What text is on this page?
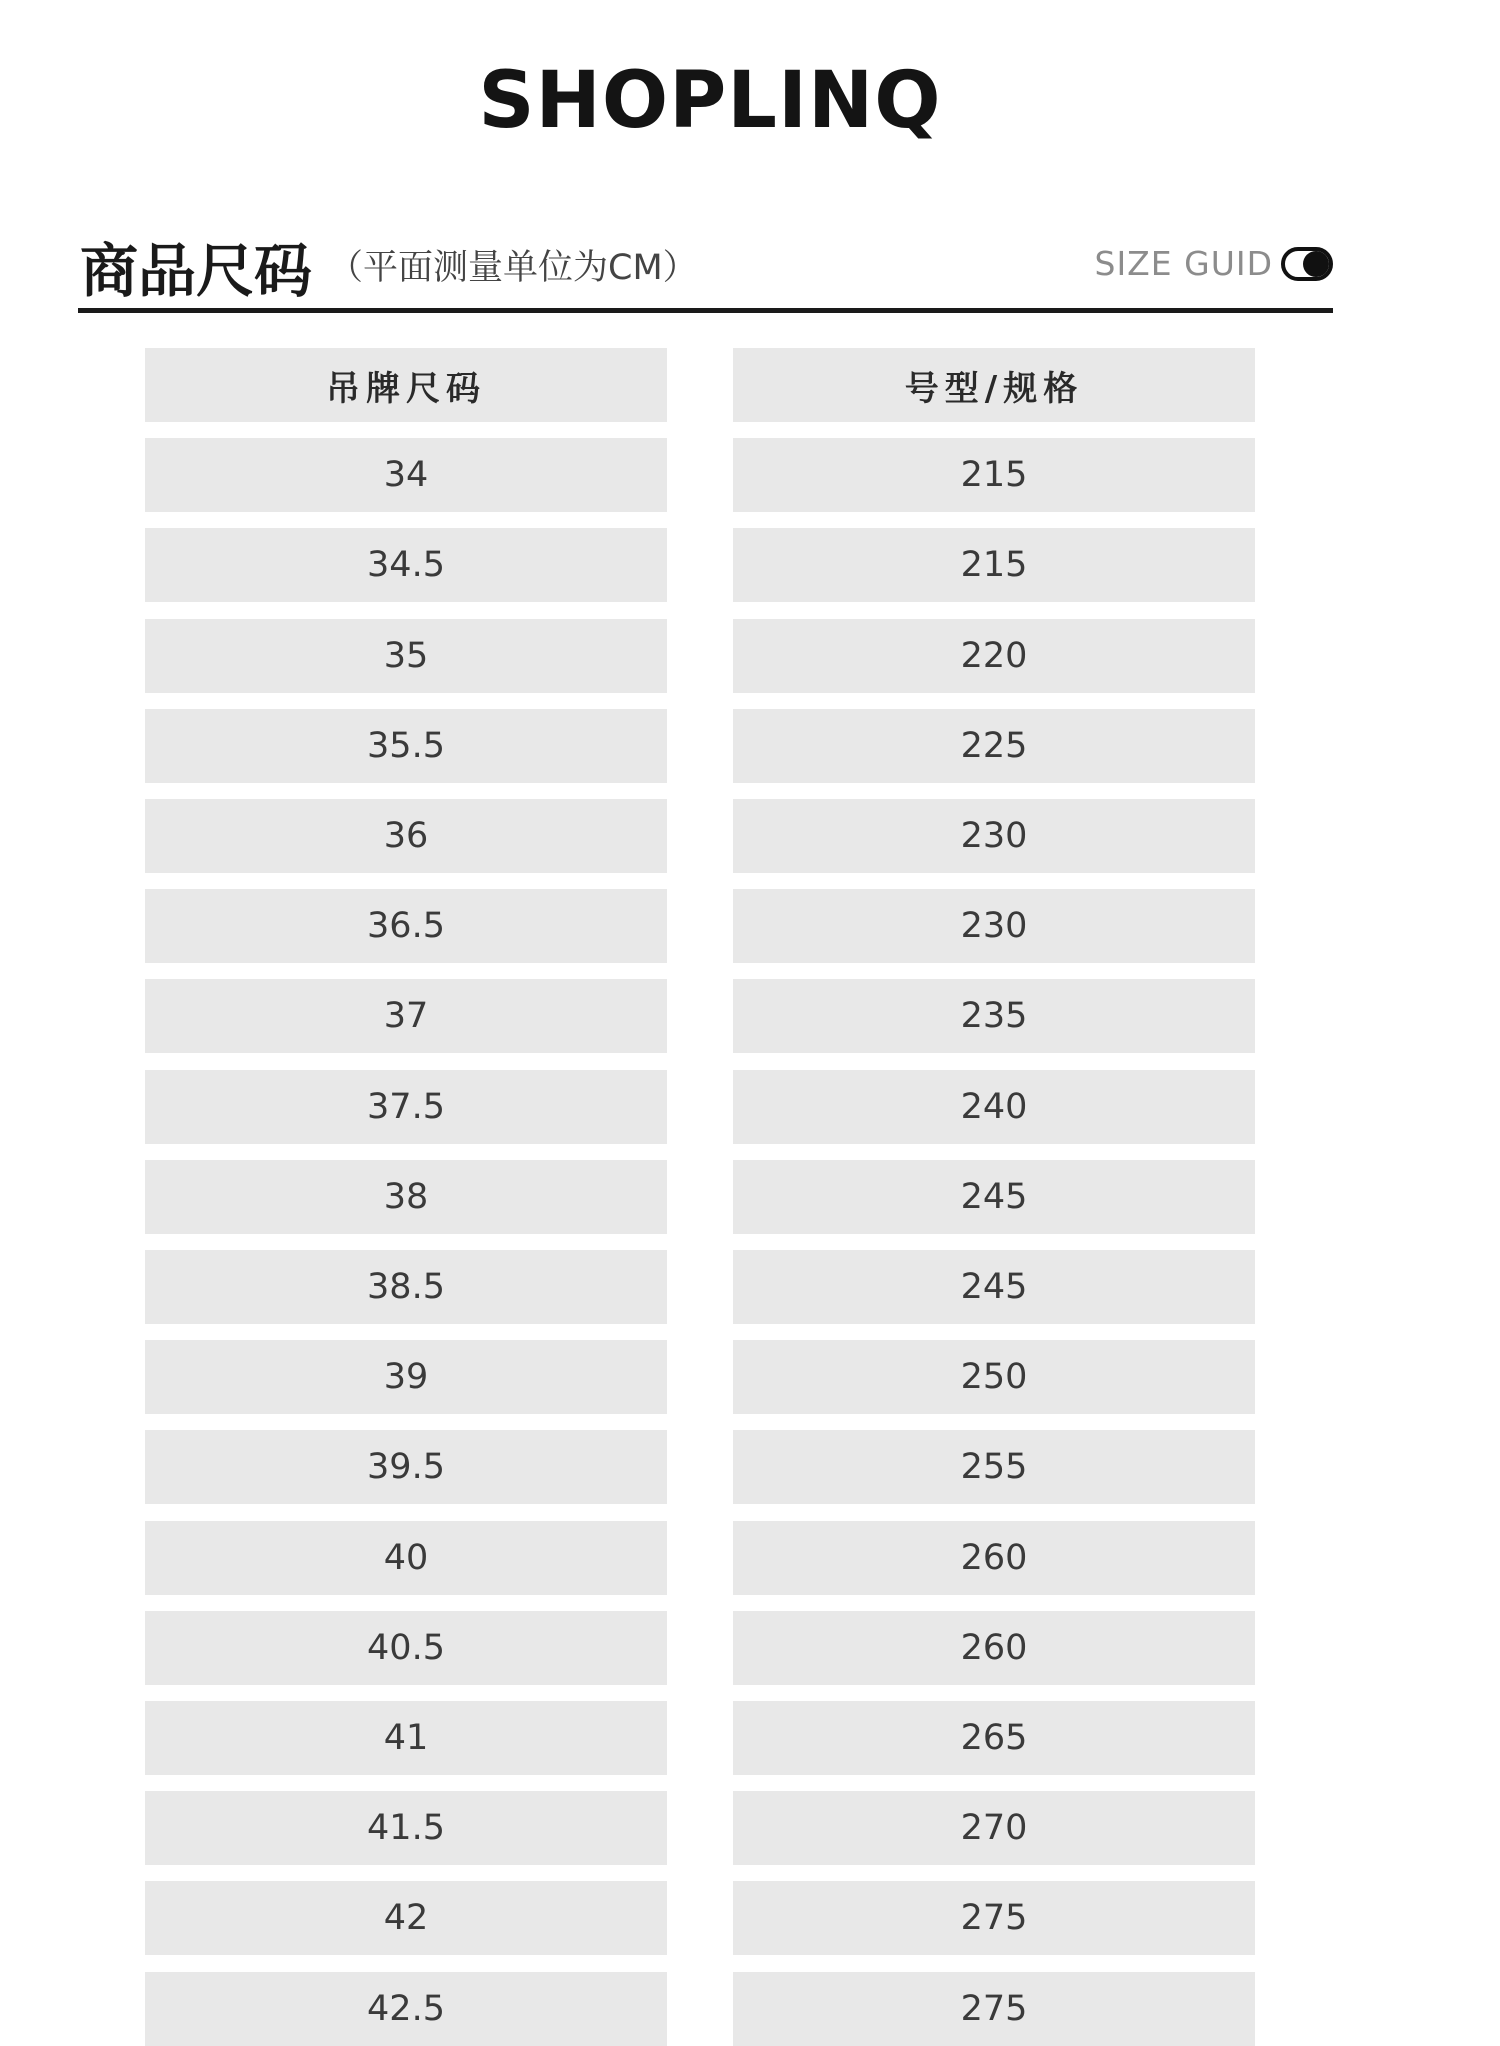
SHOPLINQ
商品尺码 （平面测量单位为CM）	SIZE GUID
吊牌尺码
34
34.5
35
35.5
36
36.5
37
37.5
38
38.5
39
39.5
40
40.5
41
41.5
42
42.5
号型/规格
215
215
220
225
230
230
235
240
245
245
250
255
260
260
265
270
275
275
